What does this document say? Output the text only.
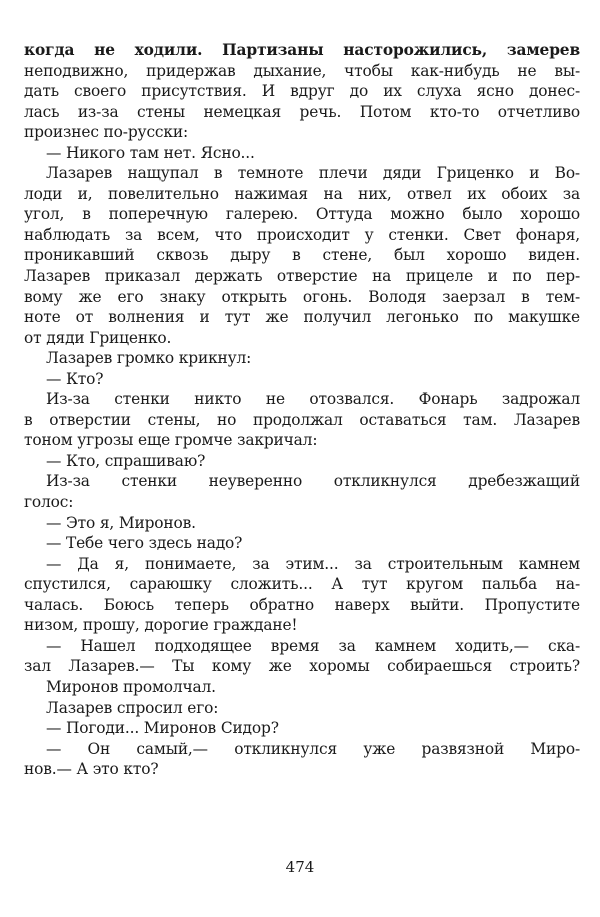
когда не ходили. Партизаны насторожились, замерев
неподвижно, придержав дыхание, чтобы как-нибудь не вы-
дать своего присутствия. И вдруг до их слуха ясно донес-
лась из-за стены немецкая речь. Потом кто-то отчетливо
произнес по-русски:
— Никого там нет. Ясно...
Лазарев нащупал в темноте плечи дяди Гриценко и Во-
лоди и, повелительно нажимая на них, отвел их обоих за
угол, в поперечную галерею. Оттуда можно было хорошо
наблюдать за всем, что происходит у стенки. Свет фонаря,
проникавший сквозь дыру в стене, был хорошо виден.
Лазарев приказал держать отверстие на прицеле и по пер-
вому же его знаку открыть огонь. Володя заерзал в тем-
ноте от волнения и тут же получил легонько по макушке
от дяди Гриценко.
Лазарев громко крикнул:
— Кто?
Из-за стенки никто не отозвался. Фонарь задрожал
в отверстии стены, но продолжал оставаться там. Лазарев
тоном угрозы еще громче закричал:
— Кто, спрашиваю?
Из-за стенки неуверенно откликнулся дребезжащий
голос:
— Это я, Миронов.
— Тебе чего здесь надо?
— Да я, понимаете, за этим... за строительным камнем
спустился, сараюшку сложить... А тут кругом пальба на-
чалась. Боюсь теперь обратно наверх выйти. Пропустите
низом, прошу, дорогие граждане!
— Нашел подходящее время за камнем ходить,— ска-
зал Лазарев.— Ты кому же хоромы собираешься строить?
Миронов промолчал.
Лазарев спросил его:
— Погоди... Миронов Сидор?
— Он самый,— откликнулся уже развязной Миро-
нов.— А это кто?
474
